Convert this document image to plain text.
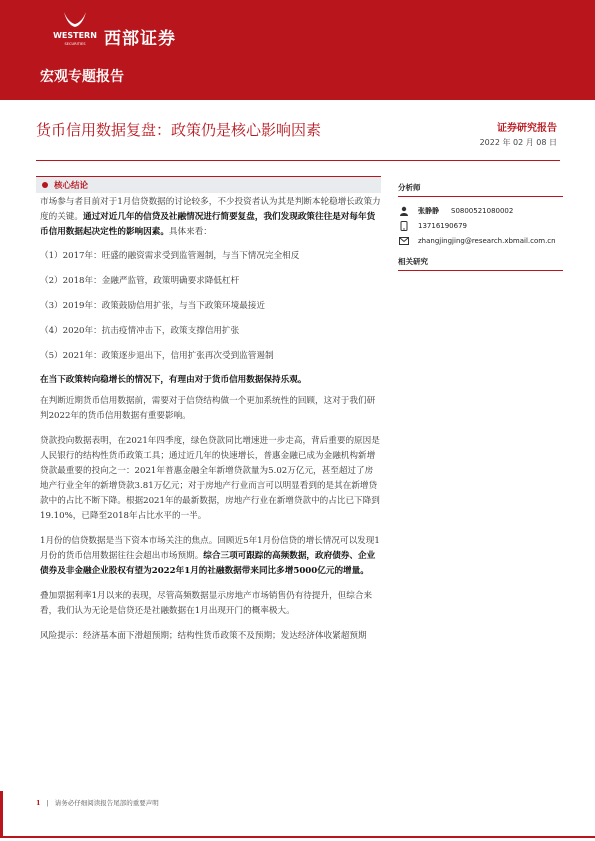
WESTERN
SECURITIES 西部证券
宏观专题报告
货币信用数据复盘：政策仍是核心影响因素	证券研究报告
2022 年 02 月 08 日
核心结论	分析师
张静静 S0800521080002
13716190679
zhangjingjing@research.xbmail.com.cn
相关研究

市场参与者目前对于1月信贷数据的讨论较多，不少投资者认为其是判断本轮稳增长政策力度的关键。通过对近几年的信贷及社融情况进行简要复盘，我们发现政策往往是对每年货币信用数据起决定性的影响因素。具体来看：

（1）2017年：旺盛的融资需求受到监管遏制，与当下情况完全相反

（2）2018年：金融严监管，政策明确要求降低杠杆

（3）2019年：政策鼓励信用扩张，与当下政策环境最接近

（4）2020年：抗击疫情冲击下，政策支撑信用扩张

（5）2021年：政策逐步退出下，信用扩张再次受到监管遏制

在当下政策转向稳增长的情况下，有理由对于货币信用数据保持乐观。

在判断近期货币信用数据前，需要对于信贷结构做一个更加系统性的回顾，这对于我们研判2022年的货币信用数据有重要影响。

贷款投向数据表明，在2021年四季度，绿色贷款同比增速进一步走高，背后重要的原因是人民银行的结构性货币政策工具；通过近几年的快速增长，普惠金融已成为金融机构新增贷款最重要的投向之一：2021年普惠金融全年新增贷款量为5.02万亿元，甚至超过了房地产行业全年的新增贷款3.81万亿元；对于房地产行业而言可以明显看到的是其在新增贷款中的占比不断下降。根据2021年的最新数据，房地产行业在新增贷款中的占比已下降到19.10%，已降至2018年占比水平的一半。

1月份的信贷数据是当下资本市场关注的焦点。回顾近5年1月份信贷的增长情况可以发现1月份的货币信用数据往往会超出市场预期。综合三项可跟踪的高频数据，政府债券、企业债券及非金融企业股权有望为2022年1月的社融数据带来同比多增5000亿元的增量。

叠加票据利率1月以来的表现，尽管高频数据显示房地产市场销售仍有待提升，但综合来看，我们认为无论是信贷还是社融数据在1月出现开门的概率极大。

风险提示：经济基本面下滑超预期；结构性货币政策不及预期；发达经济体收紧超预期

1 | 请务必仔细阅读报告尾部的重要声明
